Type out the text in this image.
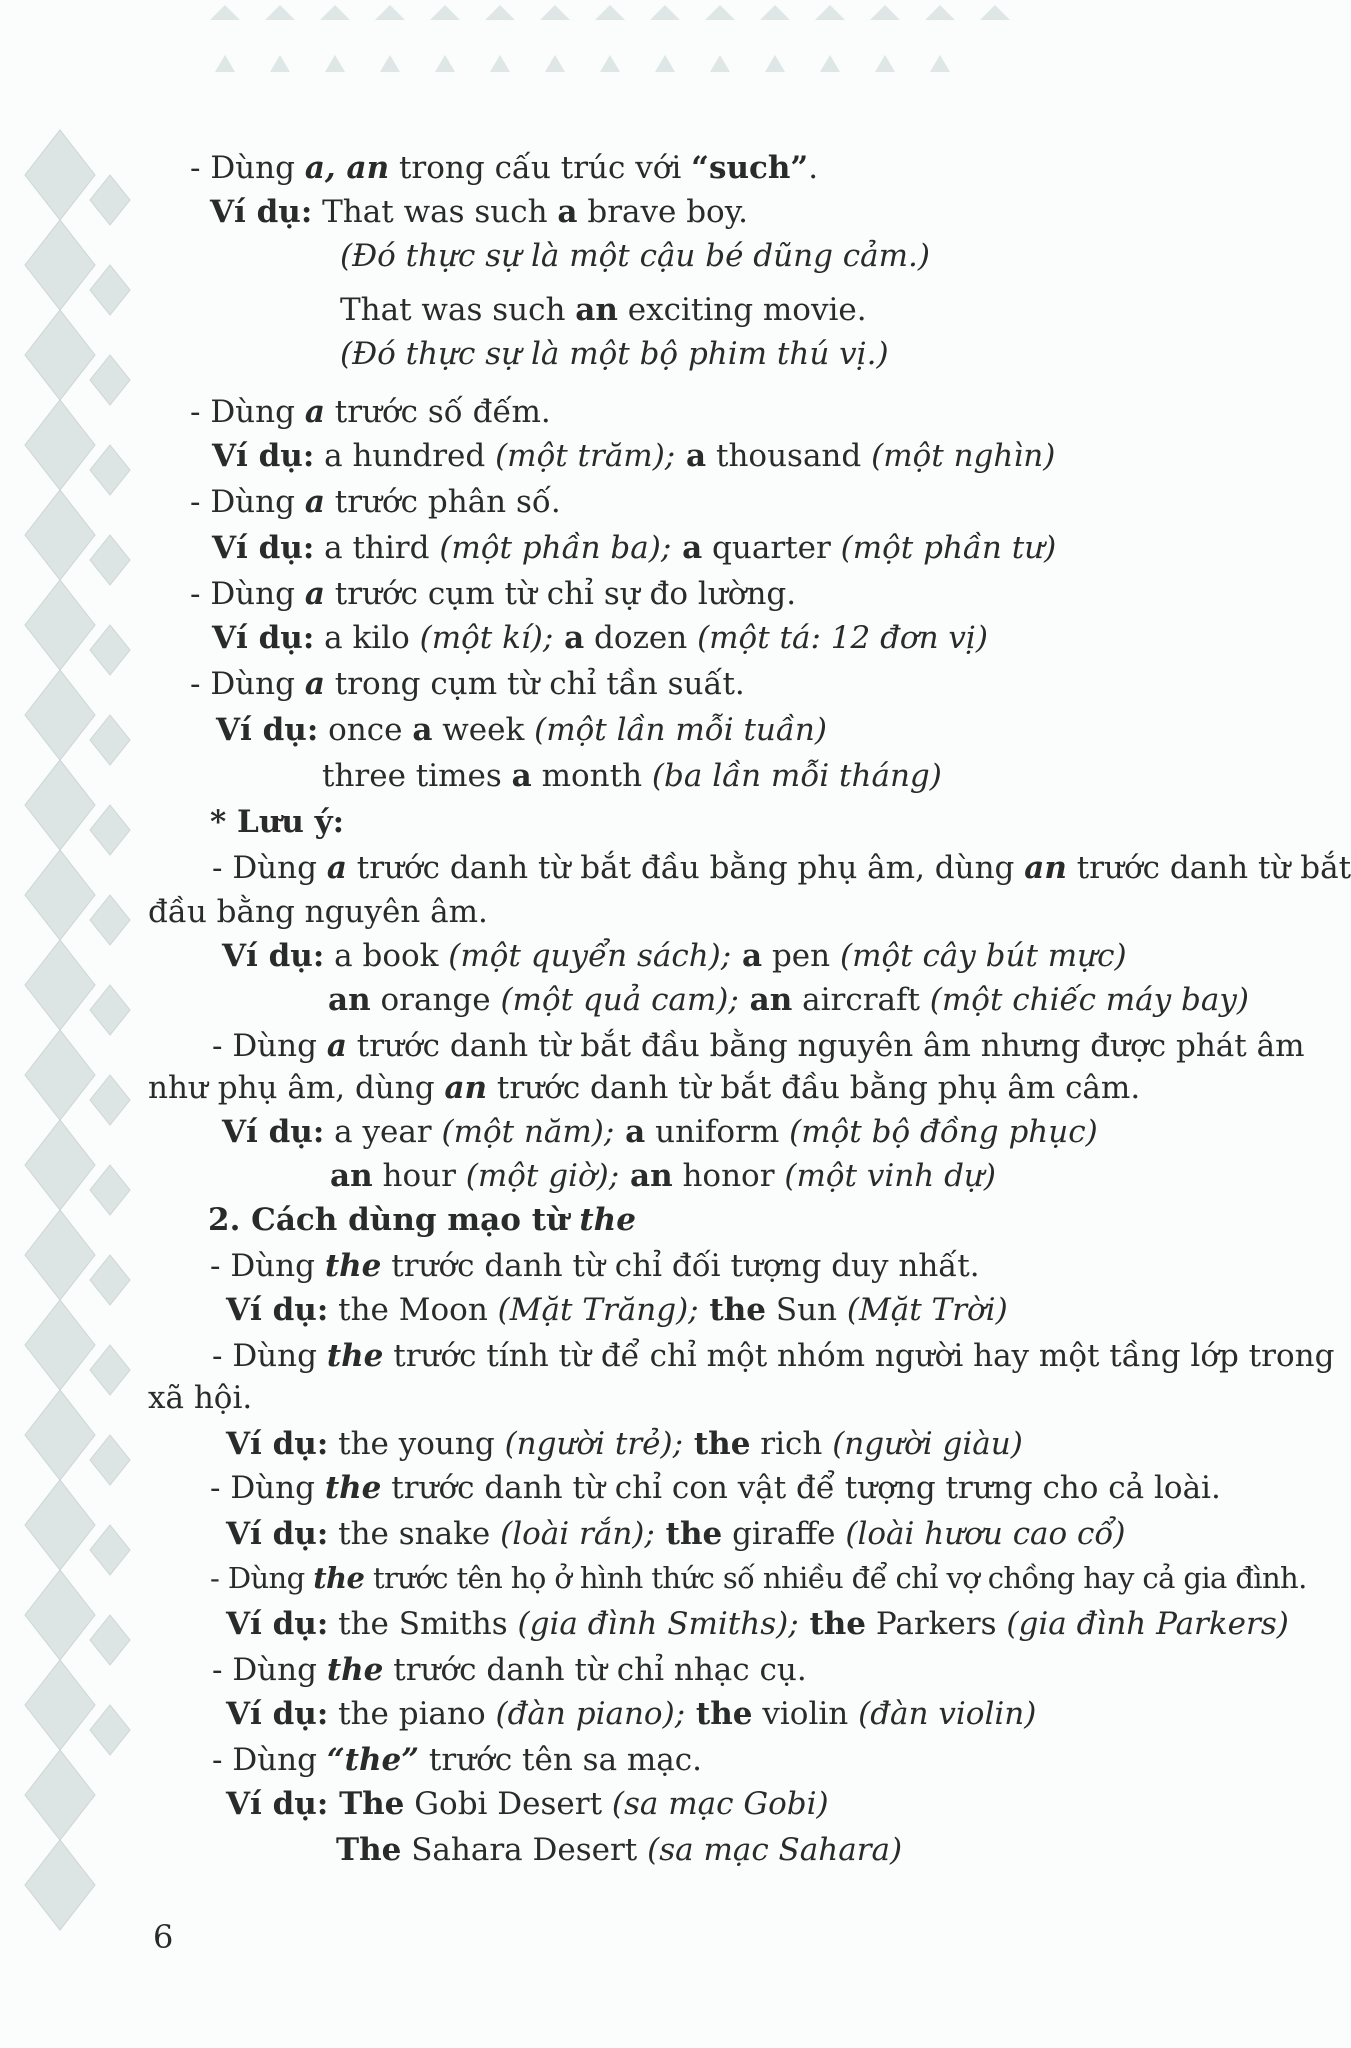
- Dùng a, an trong cấu trúc với “such”.
Ví dụ: That was such a brave boy.
(Đó thực sự là một cậu bé dũng cảm.)
That was such an exciting movie.
(Đó thực sự là một bộ phim thú vị.)
- Dùng a trước số đếm.
Ví dụ: a hundred (một trăm); a thousand (một nghìn)
- Dùng a trước phân số.
Ví dụ: a third (một phần ba); a quarter (một phần tư)
- Dùng a trước cụm từ chỉ sự đo lường.
Ví dụ: a kilo (một kí); a dozen (một tá: 12 đơn vị)
- Dùng a trong cụm từ chỉ tần suất.
Ví dụ: once a week (một lần mỗi tuần)
three times a month (ba lần mỗi tháng)
* Lưu ý:
- Dùng a trước danh từ bắt đầu bằng phụ âm, dùng an trước danh từ bắt
đầu bằng nguyên âm.
Ví dụ: a book (một quyển sách); a pen (một cây bút mực)
an orange (một quả cam); an aircraft (một chiếc máy bay)
- Dùng a trước danh từ bắt đầu bằng nguyên âm nhưng được phát âm
như phụ âm, dùng an trước danh từ bắt đầu bằng phụ âm câm.
Ví dụ: a year (một năm); a uniform (một bộ đồng phục)
an hour (một giờ); an honor (một vinh dự)
2. Cách dùng mạo từ the
- Dùng the trước danh từ chỉ đối tượng duy nhất.
Ví dụ: the Moon (Mặt Trăng); the Sun (Mặt Trời)
- Dùng the trước tính từ để chỉ một nhóm người hay một tầng lớp trong
xã hội.
Ví dụ: the young (người trẻ); the rich (người giàu)
- Dùng the trước danh từ chỉ con vật để tượng trưng cho cả loài.
Ví dụ: the snake (loài rắn); the giraffe (loài hươu cao cổ)
- Dùng the trước tên họ ở hình thức số nhiều để chỉ vợ chồng hay cả gia đình.
Ví dụ: the Smiths (gia đình Smiths); the Parkers (gia đình Parkers)
- Dùng the trước danh từ chỉ nhạc cụ.
Ví dụ: the piano (đàn piano); the violin (đàn violin)
- Dùng “the” trước tên sa mạc.
Ví dụ: The Gobi Desert (sa mạc Gobi)
The Sahara Desert (sa mạc Sahara)
6
